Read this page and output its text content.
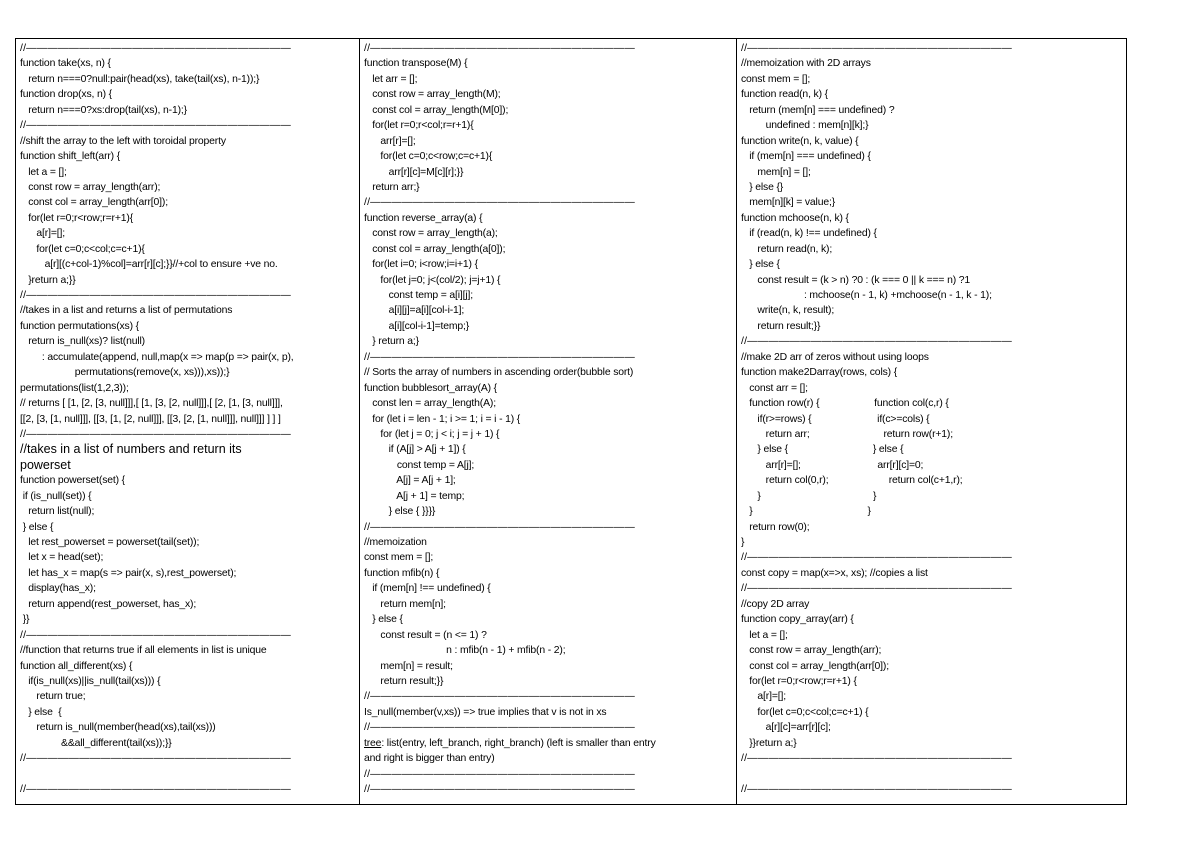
//—————————————————————————
function take(xs, n) {
return n===0?null:pair(head(xs), take(tail(xs), n-1));}
function drop(xs, n) {
return n===0?xs:drop(tail(xs), n-1);}
//—————————————————————————
//shift the array to the left with toroidal property
function shift_left(arr) {
let a = [];
const row = array_length(arr);
const col = array_length(arr[0]);
for(let r=0;r<row;r=r+1){
a[r]=[];
for(let c=0;c<col;c=c+1){
a[r][(c+col-1)%col]=arr[r][c];}}//+col to ensure +ve no.
}return a;}}
//—————————————————————————
//takes in a list and returns a list of permutations
function permutations(xs) {
return is_null(xs)? list(null)
: accumulate(append, null,map(x => map(p => pair(x, p),
permutations(remove(x, xs))),xs));}
permutations(list(1,2,3));
// returns [ [1, [2, [3, null]]],[ [1, [3, [2, null]]],[ [2, [1, [3, null]]],
[[2, [3, [1, null]]], [[3, [1, [2, null]]], [[3, [2, [1, null]]], null]]] ] ] ]
//—————————————————————————
//takes in a list of numbers and return its
powerset
function powerset(set) {
if (is_null(set)) {
return list(null);
} else {
let rest_powerset = powerset(tail(set));
let x = head(set);
let has_x = map(s => pair(x, s),rest_powerset);
display(has_x);
return append(rest_powerset, has_x);
}}
//—————————————————————————
//function that returns true if all elements in list is unique
function all_different(xs) {
if(is_null(xs)||is_null(tail(xs))) {
return true;
} else  {
return is_null(member(head(xs),tail(xs)))
&&all_different(tail(xs));}}
//—————————————————————————
//—————————————————————————
//—————————————————————————
function transpose(M) {
let arr = [];
const row = array_length(M);
const col = array_length(M[0]);
for(let r=0;r<col;r=r+1){
arr[r]=[];
for(let c=0;c<row;c=c+1){
arr[r][c]=M[c][r];}}
return arr;}
//—————————————————————————
function reverse_array(a) {
const row = array_length(a);
const col = array_length(a[0]);
for(let i=0; i<row;i=i+1) {
for(let j=0; j<(col/2); j=j+1) {
const temp = a[i][j];
a[i][j]=a[i][col-i-1];
a[i][col-i-1]=temp;}
} return a;}
//—————————————————————————
// Sorts the array of numbers in ascending order(bubble sort)
function bubblesort_array(A) {
const len = array_length(A);
for (let i = len - 1; i >= 1; i = i - 1) {
for (let j = 0; j < i; j = j + 1) {
if (A[j] > A[j + 1]) {
const temp = A[j];
A[j] = A[j + 1];
A[j + 1] = temp;
} else { }}}}
//—————————————————————————
//memoization
const mem = [];
function mfib(n) {
if (mem[n] !== undefined) {
return mem[n];
} else {
const result = (n <= 1) ?
n : mfib(n - 1) + mfib(n - 2);
mem[n] = result;
return result;}}
//—————————————————————————
Is_null(member(v,xs)) => true implies that v is not in xs
//—————————————————————————
tree: list(entry, left_branch, right_branch) (left is smaller than entry
and right is bigger than entry)
//—————————————————————————
//—————————————————————————
//—————————————————————————
//memoization with 2D arrays
const mem = [];
function read(n, k) {
return (mem[n] === undefined) ?
undefined : mem[n][k];}
function write(n, k, value) {
if (mem[n] === undefined) {
mem[n] = [];
} else {}
mem[n][k] = value;}
function mchoose(n, k) {
if (read(n, k) !== undefined) {
return read(n, k);
} else {
const result = (k > n) ?0 : (k === 0 || k === n) ?1
: mchoose(n - 1, k) +mchoose(n - 1, k - 1);
write(n, k, result);
return result;}}
//—————————————————————————
//make 2D arr of zeros without using loops
function make2Darray(rows, cols) {
const arr = [];
function row(r) {                    function col(c,r) {
if(r>=rows) {                        if(c>=cols) {
return arr;                           return row(r+1);
} else {                               } else {
arr[r]=[];                            arr[r][c]=0;
return col(0,r);                      return col(c+1,r);
}                                         }
}                                          }
return row(0);
}
//—————————————————————————
const copy = map(x=>x, xs); //copies a list
//—————————————————————————
//copy 2D array
function copy_array(arr) {
let a = [];
const row = array_length(arr);
const col = array_length(arr[0]);
for(let r=0;r<row;r=r+1) {
a[r]=[];
for(let c=0;c<col;c=c+1) {
a[r][c]=arr[r][c];
}}return a;}
//—————————————————————————
//—————————————————————————
